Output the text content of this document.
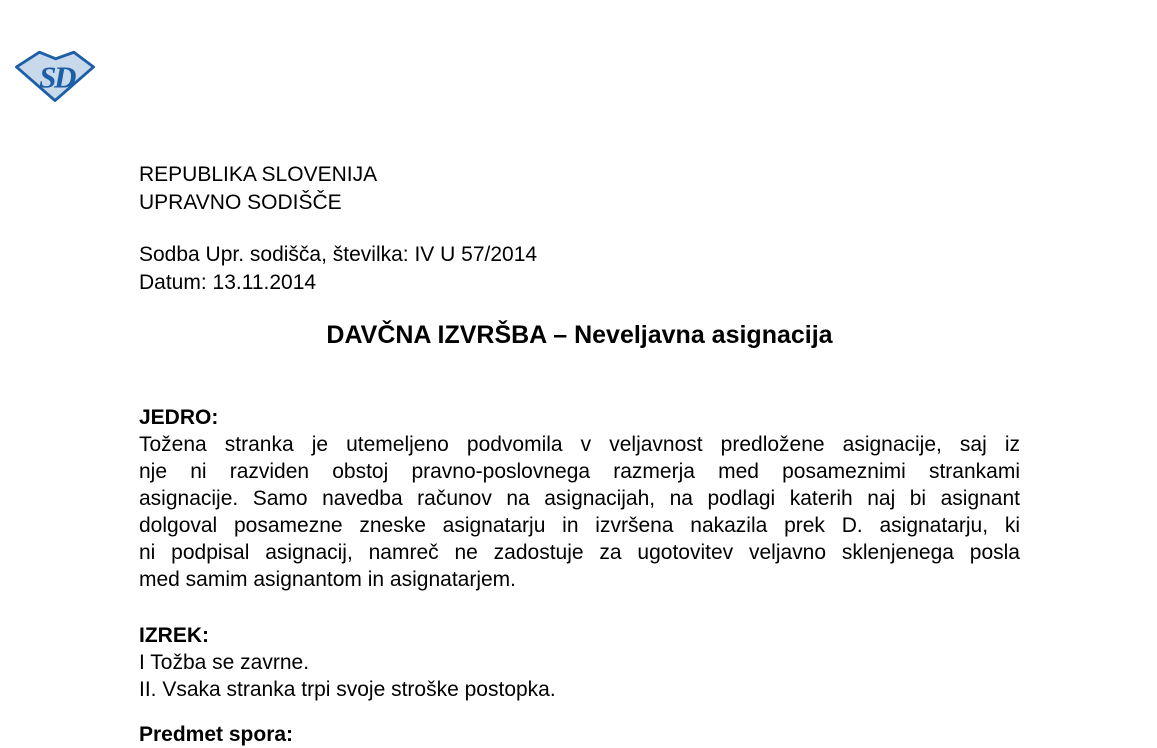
SD
REPUBLIKA SLOVENIJA
UPRAVNO SODIŠČE
Sodba Upr. sodišča, številka: IV U 57/2014
Datum: 13.11.2014
DAVČNA IZVRŠBA – Neveljavna asignacija
JEDRO:
Tožena stranka je utemeljeno podvomila v veljavnost predložene asignacije, saj iz
nje ni razviden obstoj pravno-poslovnega razmerja med posameznimi strankami
asignacije. Samo navedba računov na asignacijah, na podlagi katerih naj bi asignant
dolgoval posamezne zneske asignatarju in izvršena nakazila prek D. asignatarju, ki
ni podpisal asignacij, namreč ne zadostuje za ugotovitev veljavno sklenjenega posla
med samim asignantom in asignatarjem.
IZREK:
I Tožba se zavrne.
II. Vsaka stranka trpi svoje stroške postopka.
Predmet spora:
